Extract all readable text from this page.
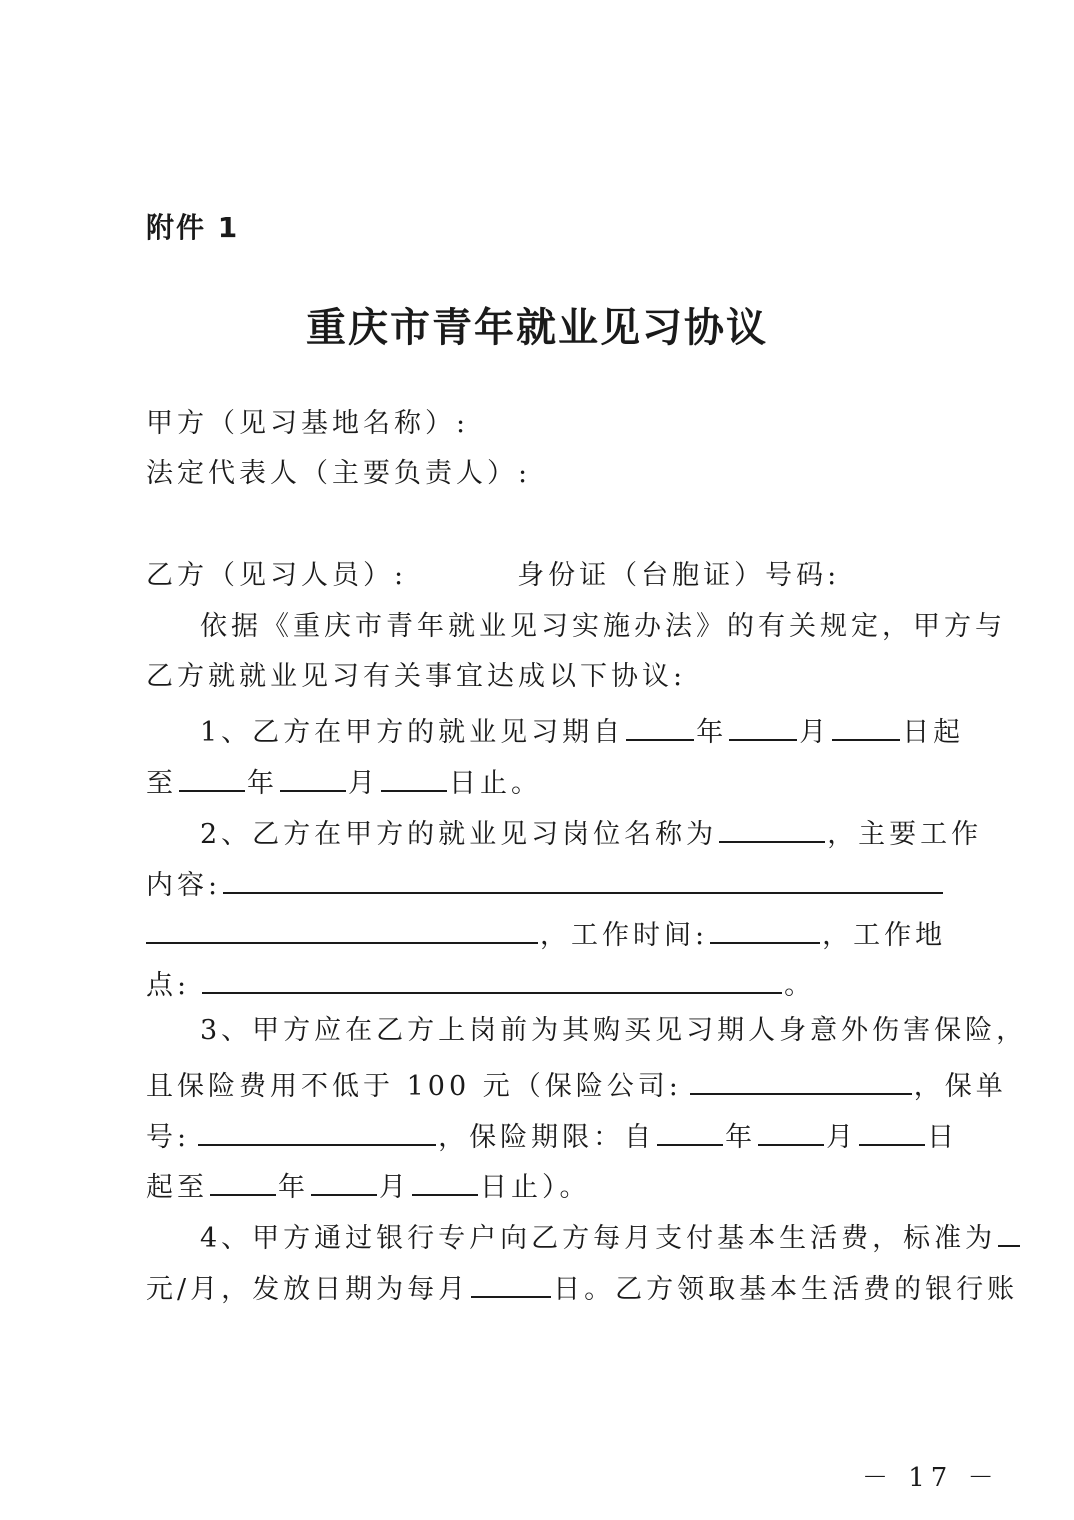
附件 1
重庆市青年就业见习协议
甲方（见习基地名称）:
法定代表人（主要负责人）:
乙方（见习人员）:	身份证（台胞证）号码:
依据《重庆市青年就业见习实施办法》的有关规定，甲方与
乙方就就业见习有关事宜达成以下协议:
1、乙方在甲方的就业见习期自	年	月	日起
至	年	月	日止。
2、乙方在甲方的就业见习岗位名称为	，主要工作
内容:
，工作时间:	，工作地
点:	。
3、甲方应在乙方上岗前为其购买见习期人身意外伤害保险，
且保险费用不低于 100 元（保险公司:	，保单
号:	，保险期限：自	年	月	日
起至	年	月	日止）。
4、甲方通过银行专户向乙方每月支付基本生活费，标准为
元/月，发放日期为每月	日。乙方领取基本生活费的银行账
－ 17 －
